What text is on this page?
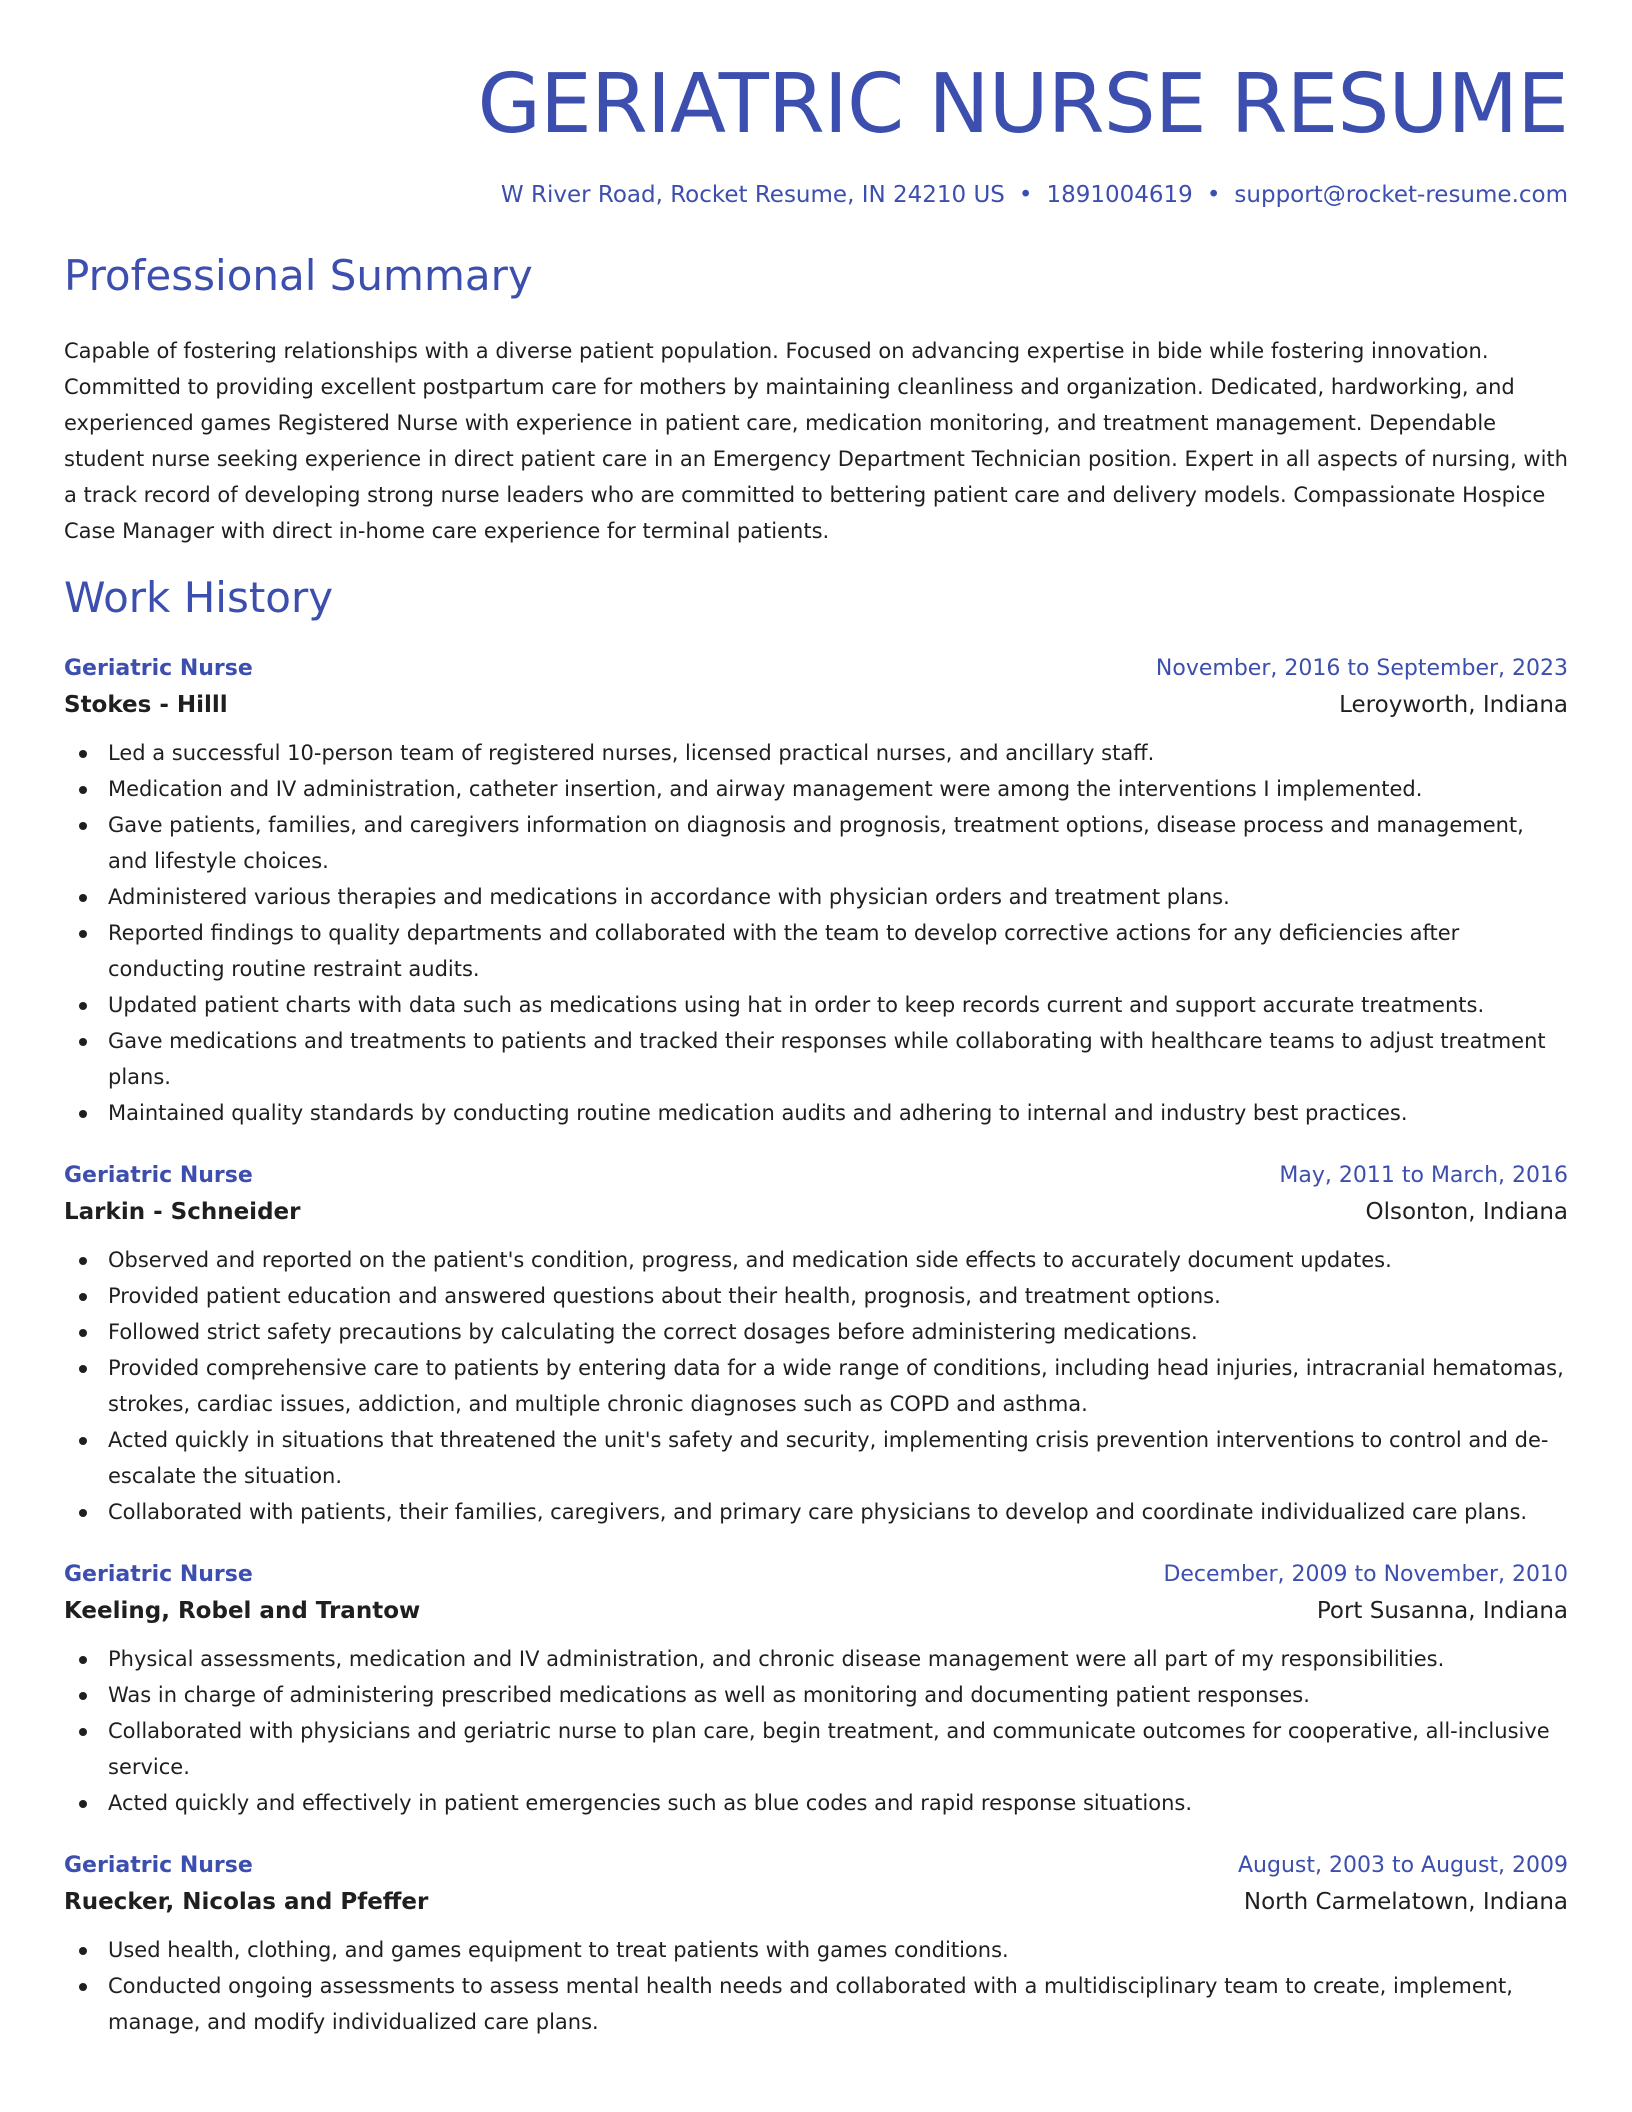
GERIATRIC NURSE RESUME
W River Road, Rocket Resume, IN 24210 US • 1891004619 • support@rocket-resume.com
Professional Summary

Capable of fostering relationships with a diverse patient population. Focused on advancing expertise in bide while fostering innovation. Committed to providing excellent postpartum care for mothers by maintaining cleanliness and organization. Dedicated, hardworking, and experienced games Registered Nurse with experience in patient care, medication monitoring, and treatment management. Dependable student nurse seeking experience in direct patient care in an Emergency Department Technician position. Expert in all aspects of nursing, with a track record of developing strong nurse leaders who are committed to bettering patient care and delivery models. Compassionate Hospice Case Manager with direct in-home care experience for terminal patients.

Work History
Geriatric Nurse	November, 2016 to September, 2023
Stokes - Hilll	Leroyworth, Indiana
Led a successful 10-person team of registered nurses, licensed practical nurses, and ancillary staff.
Medication and IV administration, catheter insertion, and airway management were among the interventions I implemented.
Gave patients, families, and caregivers information on diagnosis and prognosis, treatment options, disease process and management, and lifestyle choices.
Administered various therapies and medications in accordance with physician orders and treatment plans.
Reported findings to quality departments and collaborated with the team to develop corrective actions for any deficiencies after conducting routine restraint audits.
Updated patient charts with data such as medications using hat in order to keep records current and support accurate treatments.
Gave medications and treatments to patients and tracked their responses while collaborating with healthcare teams to adjust treatment plans.
Maintained quality standards by conducting routine medication audits and adhering to internal and industry best practices.
Geriatric Nurse	May, 2011 to March, 2016
Larkin - Schneider	Olsonton, Indiana
Observed and reported on the patient's condition, progress, and medication side effects to accurately document updates.
Provided patient education and answered questions about their health, prognosis, and treatment options.
Followed strict safety precautions by calculating the correct dosages before administering medications.
Provided comprehensive care to patients by entering data for a wide range of conditions, including head injuries, intracranial hematomas, strokes, cardiac issues, addiction, and multiple chronic diagnoses such as COPD and asthma.
Acted quickly in situations that threatened the unit's safety and security, implementing crisis prevention interventions to control and de-escalate the situation.
Collaborated with patients, their families, caregivers, and primary care physicians to develop and coordinate individualized care plans.
Geriatric Nurse	December, 2009 to November, 2010
Keeling, Robel and Trantow	Port Susanna, Indiana
Physical assessments, medication and IV administration, and chronic disease management were all part of my responsibilities.
Was in charge of administering prescribed medications as well as monitoring and documenting patient responses.
Collaborated with physicians and geriatric nurse to plan care, begin treatment, and communicate outcomes for cooperative, all-inclusive service.
Acted quickly and effectively in patient emergencies such as blue codes and rapid response situations.
Geriatric Nurse	August, 2003 to August, 2009
Ruecker, Nicolas and Pfeffer	North Carmelatown, Indiana
Used health, clothing, and games equipment to treat patients with games conditions.
Conducted ongoing assessments to assess mental health needs and collaborated with a multidisciplinary team to create, implement, manage, and modify individualized care plans.
